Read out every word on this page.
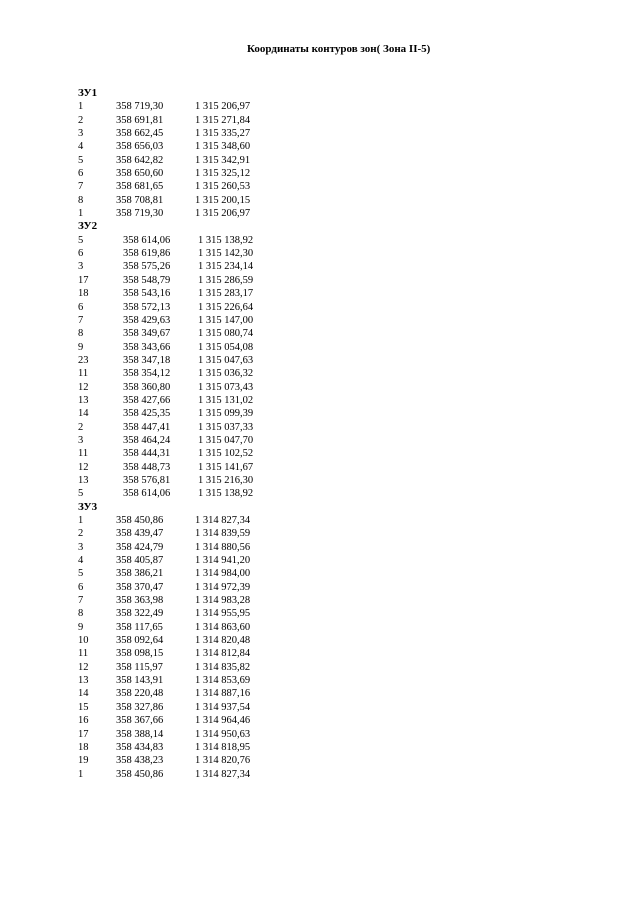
Координаты контуров зон( Зона II-5)
ЗУ1
1	358 719,30	1 315 206,97
2	358 691,81	1 315 271,84
3	358 662,45	1 315 335,27
4	358 656,03	1 315 348,60
5	358 642,82	1 315 342,91
6	358 650,60	1 315 325,12
7	358 681,65	1 315 260,53
8	358 708,81	1 315 200,15
1	358 719,30	1 315 206,97
ЗУ2
5	358 614,06	1 315 138,92
6	358 619,86	1 315 142,30
3	358 575,26	1 315 234,14
17	358 548,79	1 315 286,59
18	358 543,16	1 315 283,17
6	358 572,13	1 315 226,64
7	358 429,63	1 315 147,00
8	358 349,67	1 315 080,74
9	358 343,66	1 315 054,08
23	358 347,18	1 315 047,63
11	358 354,12	1 315 036,32
12	358 360,80	1 315 073,43
13	358 427,66	1 315 131,02
14	358 425,35	1 315 099,39
2	358 447,41	1 315 037,33
3	358 464,24	1 315 047,70
11	358 444,31	1 315 102,52
12	358 448,73	1 315 141,67
13	358 576,81	1 315 216,30
5	358 614,06	1 315 138,92
ЗУ3
1	358 450,86	1 314 827,34
2	358 439,47	1 314 839,59
3	358 424,79	1 314 880,56
4	358 405,87	1 314 941,20
5	358 386,21	1 314 984,00
6	358 370,47	1 314 972,39
7	358 363,98	1 314 983,28
8	358 322,49	1 314 955,95
9	358 117,65	1 314 863,60
10	358 092,64	1 314 820,48
11	358 098,15	1 314 812,84
12	358 115,97	1 314 835,82
13	358 143,91	1 314 853,69
14	358 220,48	1 314 887,16
15	358 327,86	1 314 937,54
16	358 367,66	1 314 964,46
17	358 388,14	1 314 950,63
18	358 434,83	1 314 818,95
19	358 438,23	1 314 820,76
1	358 450,86	1 314 827,34
